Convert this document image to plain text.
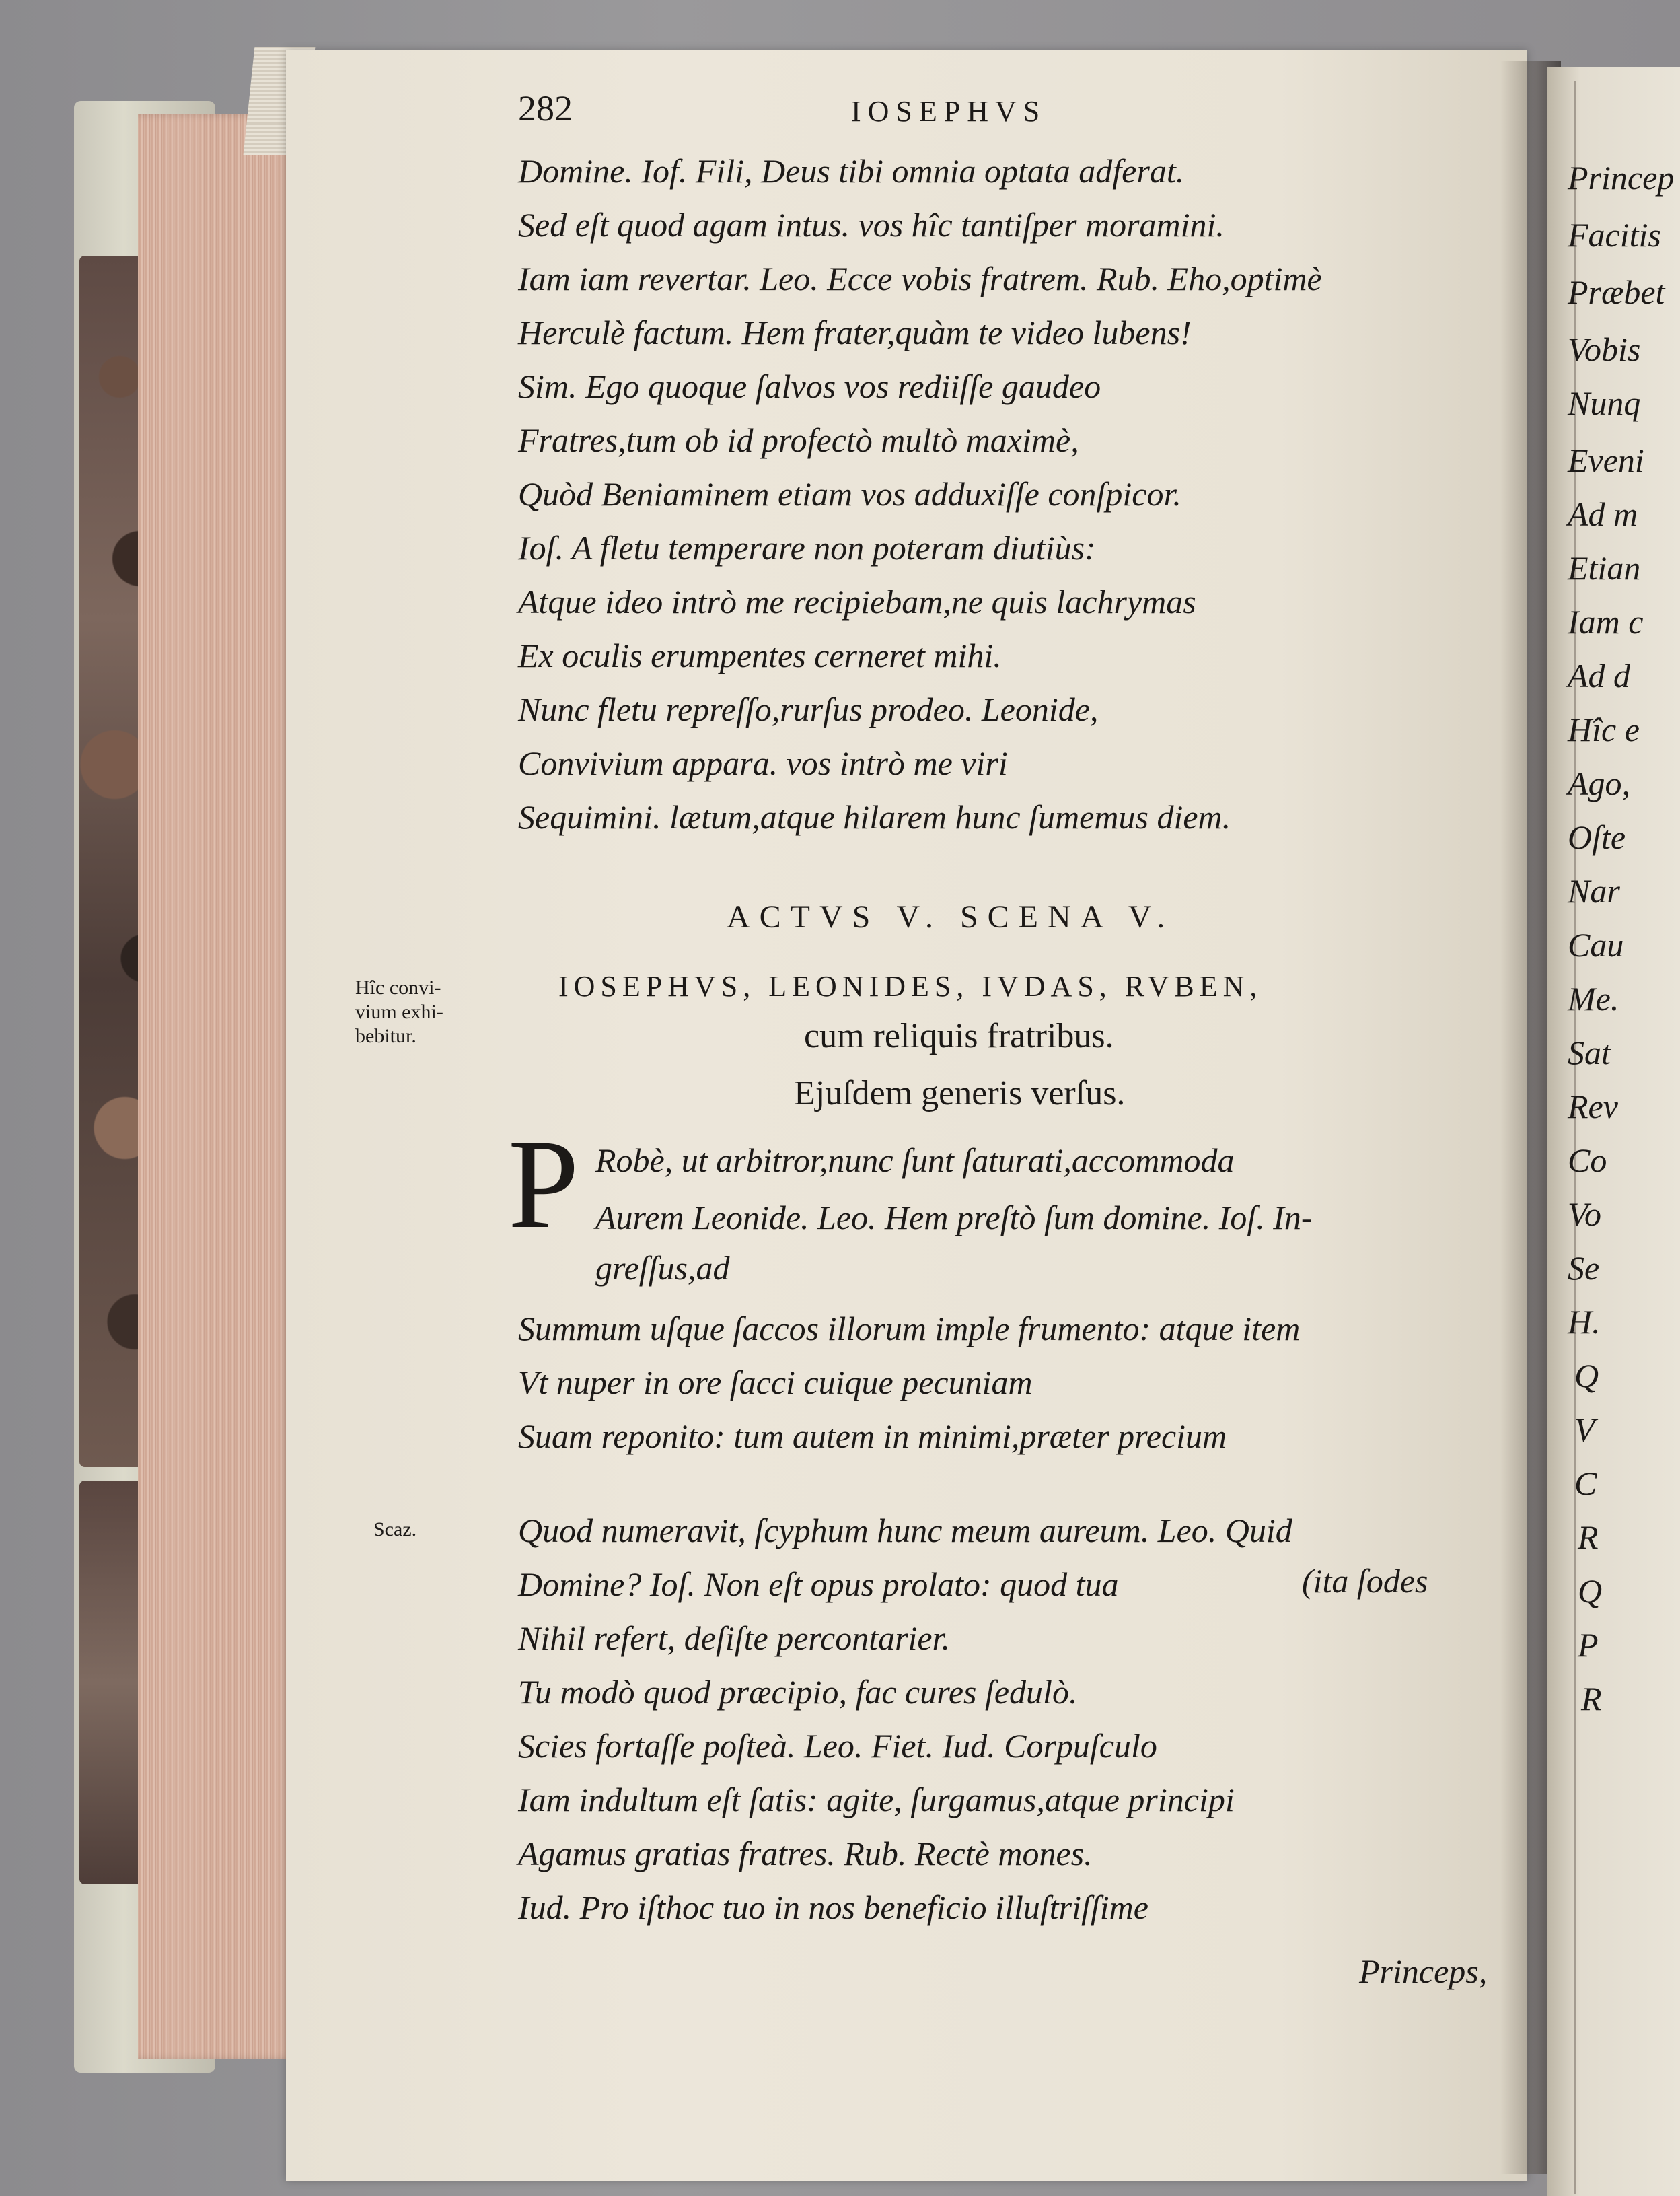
282	IOSEPHVS
Domine. Iof. Fili, Deus tibi omnia optata adferat.
Sed eſt quod agam intus. vos hîc tantiſper moramini.
Iam iam revertar. Leo. Ecce vobis fratrem. Rub. Eho,optimè
Herculè factum. Hem frater,quàm te video lubens!
Sim. Ego quoque ſalvos vos rediiſſe gaudeo
Fratres,tum ob id profectò multò maximè,
Quòd Beniaminem etiam vos adduxiſſe conſpicor.
Ioſ. A fletu temperare non poteram diutiùs:
Atque ideo intrò me recipiebam,ne quis lachrymas
Ex oculis erumpentes cerneret mihi.
Nunc fletu repreſſo,rurſus prodeo. Leonide,
Convivium appara. vos intrò me viri
Sequimini. lætum,atque hilarem hunc ſumemus diem.
ACTVS V. SCENA V.
IOSEPHVS, LEONIDES, IVDAS, RVBEN,
cum reliquis fratribus.
Ejuſdem generis verſus.
Hîc convi-
vium exhi-
bebitur.
Scaz.
P Robè, ut arbitror,nunc ſunt ſaturati,accommoda
Aurem Leonide. Leo. Hem preſtò ſum domine. Ioſ. In-
greſſus,ad
Summum uſque ſaccos illorum imple frumento: atque item
Vt nuper in ore ſacci cuique pecuniam
Suam reponito: tum autem in minimi,præter precium
Quod numeravit, ſcyphum hunc meum aureum. Leo. Quid
Domine? Ioſ. Non eſt opus prolato: quod tua	(ita ſodes
Nihil refert, deſiſte percontarier.
Tu modò quod præcipio, fac cures ſedulò.
Scies fortaſſe poſteà. Leo. Fiet. Iud. Corpuſculo
Iam indultum eſt ſatis: agite, ſurgamus,atque principi
Agamus gratias fratres. Rub. Rectè mones.
Iud. Pro iſthoc tuo in nos beneficio illuſtriſſime
Princeps,
Princep
Facitis
Præbet
Vobis
Nunq
Eveni
Ad m
Etian
Iam c
Ad d
Hîc e
Ago,
Oſte
Nar
Cau
Me.
Sat
Rev
Co
Vo
Se
H.
Q
V
C
R
Q
P
R
